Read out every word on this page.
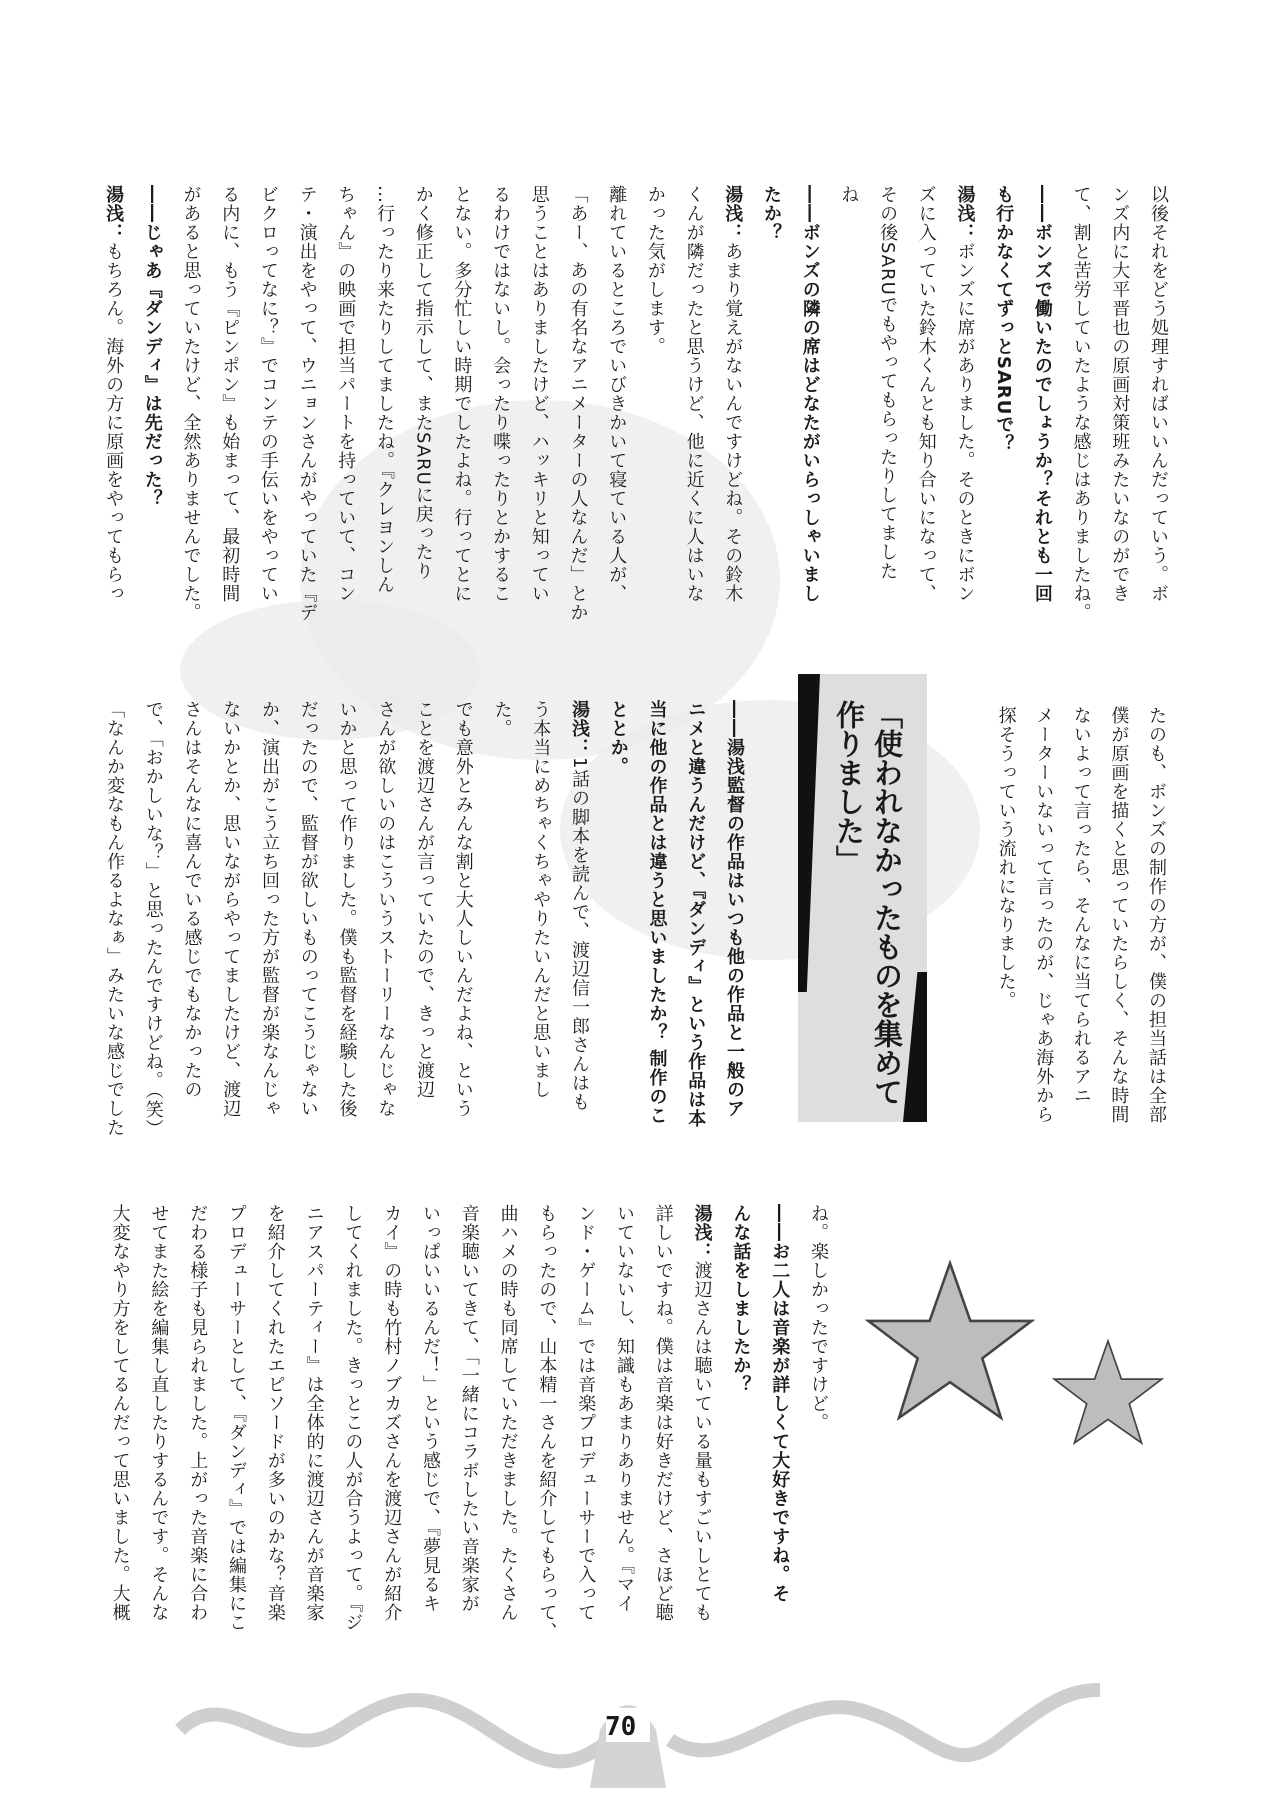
以後それをどう処理すればいいんだっていう。ボ
ンズ内に大平晋也の原画対策班みたいなのができ
て、割と苦労していたような感じはありましたね。
――ボンズで働いたのでしょうか？それとも一回
も行かなくてずっとSARUで？
湯浅：ボンズに席がありました。そのときにボン
ズに入っていた鈴木くんとも知り合いになって、
その後SARUでもやってもらったりしてました
ね
――ボンズの隣の席はどなたがいらっしゃいまし
たか？
湯浅：あまり覚えがないんですけどね。その鈴木
くんが隣だったと思うけど、他に近くに人はいな
かった気がします。
離れているところでいびきかいて寝ている人が、
「あー、あの有名なアニメーターの人なんだ」とか
思うことはありましたけど、ハッキリと知ってい
るわけではないし。会ったり喋ったりとかするこ
とない。多分忙しい時期でしたよね。行ってとに
かく修正して指示して、またSARUに戻ったり
…行ったり来たりしてましたね。『クレヨンしん
ちゃん』の映画で担当パートを持っていて、コン
テ・演出をやって、ウニョンさんがやっていた『デ
ビクロってなに？』でコンテの手伝いをやってい
る内に、もう『ピンポン』も始まって、最初時間
があると思っていたけど、全然ありませんでした。
――じゃあ『ダンディ』は先だった？
湯浅：もちろん。海外の方に原画をやってもらっ
たのも、ボンズの制作の方が、僕の担当話は全部
僕が原画を描くと思っていたらしく、そんな時間
ないよって言ったら、そんなに当てられるアニ
メーターいないって言ったのが、じゃあ海外から
探そうっていう流れになりました。
――湯浅監督の作品はいつも他の作品と一般のア
ニメと違うんだけど、『ダンディ』という作品は本
当に他の作品とは違うと思いましたか？ 制作のこ
ととか。
湯浅：1話の脚本を読んで、渡辺信一郎さんはも
う本当にめちゃくちゃやりたいんだと思いまし
た。
でも意外とみんな割と大人しいんだよね、という
ことを渡辺さんが言っていたので、きっと渡辺
さんが欲しいのはこういうストーリーなんじゃな
いかと思って作りました。僕も監督を経験した後
だったので、監督が欲しいものってこうじゃない
か、演出がこう立ち回った方が監督が楽なんじゃ
ないかとか、思いながらやってましたけど、渡辺
さんはそんなに喜んでいる感じでもなかったの
で、「おかしいな？」と思ったんですけどね。（笑）
「なんか変なもん作るよなぁ」みたいな感じでした
ね。楽しかったですけど。
――お二人は音楽が詳しくて大好きですね。そ
んな話をしましたか？
湯浅：渡辺さんは聴いている量もすごいしとても
詳しいですね。僕は音楽は好きだけど、さほど聴
いていないし、知識もあまりありません。『マイ
ンド・ゲーム』では音楽プロデューサーで入って
もらったので、山本精一さんを紹介してもらって、
曲ハメの時も同席していただきました。たくさん
音楽聴いてきて、「一緒にコラボしたい音楽家が
いっぱいいるんだ！」という感じで、『夢見るキ
カイ』の時も竹村ノブカズさんを渡辺さんが紹介
してくれました。きっとこの人が合うよって。『ジ
ニアスパーティー』は全体的に渡辺さんが音楽家
を紹介してくれたエピソードが多いのかな？音楽
プロデューサーとして、『ダンディ』では編集にこ
だわる様子も見られました。上がった音楽に合わ
せてまた絵を編集し直したりするんです。そんな
大変なやり方をしてるんだって思いました。大概
「使われなかったものを集めて
作りました」
70
